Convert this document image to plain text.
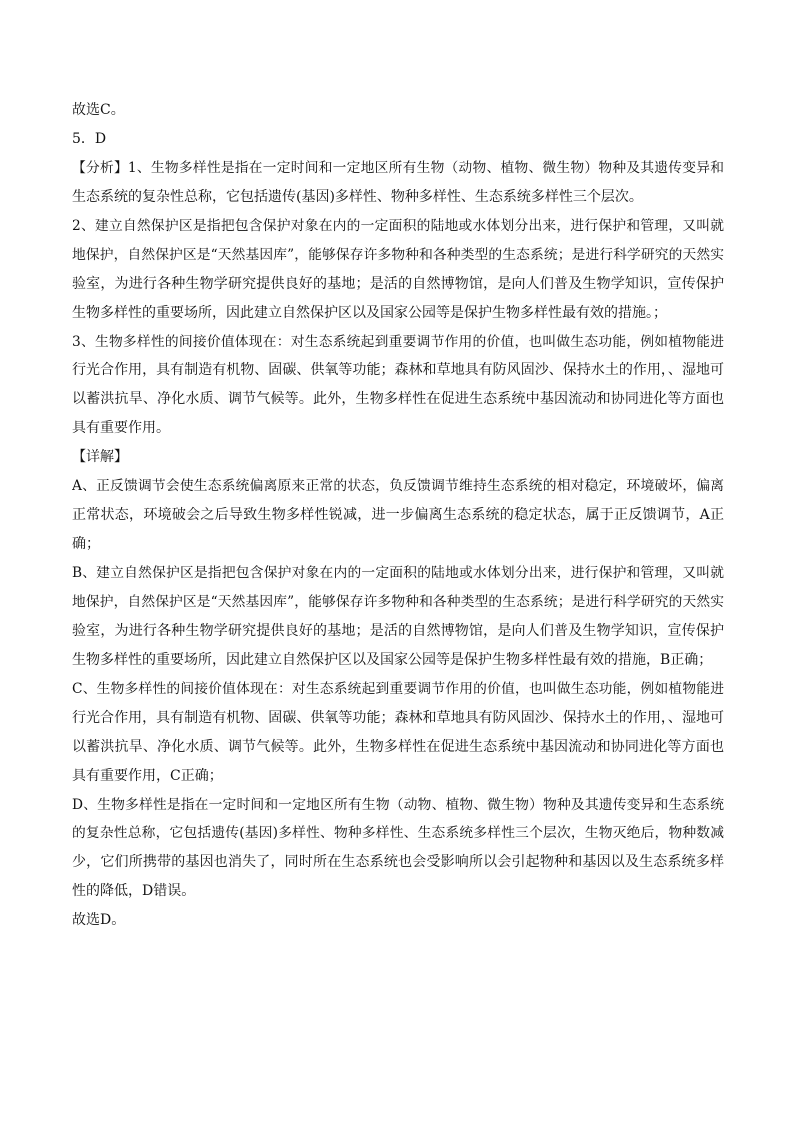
故选C。
5．D
【分析】1、生物多样性是指在一定时间和一定地区所有生物（动物、植物、微生物）物种及其遗传变异和
生态系统的复杂性总称，它包括遗传(基因)多样性、物种多样性、生态系统多样性三个层次。
2、建立自然保护区是指把包含保护对象在内的一定面积的陆地或水体划分出来，进行保护和管理，又叫就
地保护，自然保护区是“天然基因库”，能够保存许多物种和各种类型的生态系统；是进行科学研究的天然实
验室，为进行各种生物学研究提供良好的基地；是活的自然博物馆，是向人们普及生物学知识，宣传保护
生物多样性的重要场所，因此建立自然保护区以及国家公园等是保护生物多样性最有效的措施。；
3、生物多样性的间接价值体现在：对生态系统起到重要调节作用的价值，也叫做生态功能，例如植物能进
行光合作用，具有制造有机物、固碳、供氧等功能；森林和草地具有防风固沙、保持水土的作用，、湿地可
以蓄洪抗旱、净化水质、调节气候等。此外，生物多样性在促进生态系统中基因流动和协同进化等方面也
具有重要作用。
【详解】
A、正反馈调节会使生态系统偏离原来正常的状态，负反馈调节维持生态系统的相对稳定，环境破坏，偏离
正常状态，环境破会之后导致生物多样性锐减，进一步偏离生态系统的稳定状态，属于正反馈调节，A正
确；
B、建立自然保护区是指把包含保护对象在内的一定面积的陆地或水体划分出来，进行保护和管理，又叫就
地保护，自然保护区是“天然基因库”，能够保存许多物种和各种类型的生态系统；是进行科学研究的天然实
验室，为进行各种生物学研究提供良好的基地；是活的自然博物馆，是向人们普及生物学知识，宣传保护
生物多样性的重要场所，因此建立自然保护区以及国家公园等是保护生物多样性最有效的措施，B正确；
C、生物多样性的间接价值体现在：对生态系统起到重要调节作用的价值，也叫做生态功能，例如植物能进
行光合作用，具有制造有机物、固碳、供氧等功能；森林和草地具有防风固沙、保持水土的作用，、湿地可
以蓄洪抗旱、净化水质、调节气候等。此外，生物多样性在促进生态系统中基因流动和协同进化等方面也
具有重要作用，C正确；
D、生物多样性是指在一定时间和一定地区所有生物（动物、植物、微生物）物种及其遗传变异和生态系统
的复杂性总称，它包括遗传(基因)多样性、物种多样性、生态系统多样性三个层次，生物灭绝后，物种数减
少，它们所携带的基因也消失了，同时所在生态系统也会受影响所以会引起物种和基因以及生态系统多样
性的降低，D错误。
故选D。
